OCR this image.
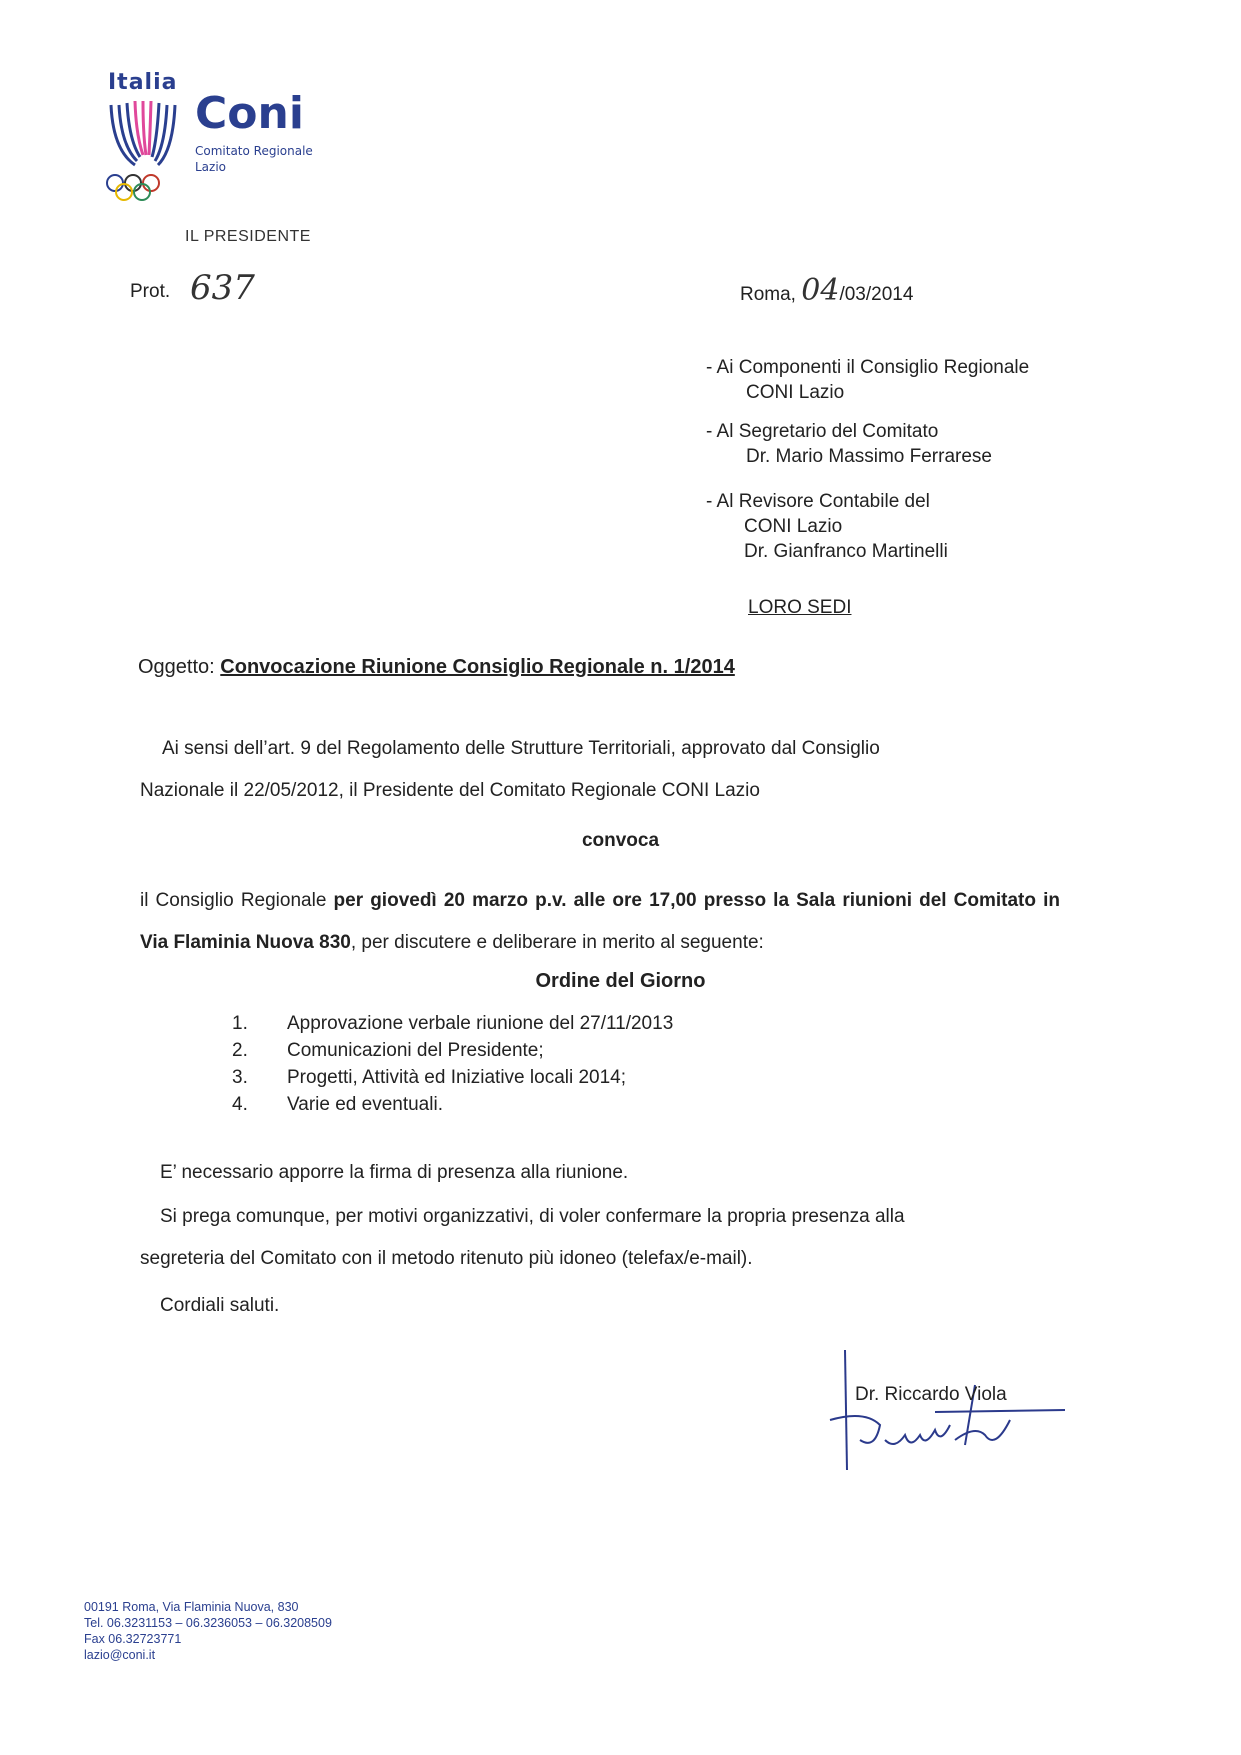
Italia
Coni
Comitato Regionale
Lazio
IL PRESIDENTE
Prot. 637	Roma, 04/03/2014
- Ai Componenti il Consiglio Regionale
CONI Lazio
- Al Segretario del Comitato
Dr. Mario Massimo Ferrarese
- Al Revisore Contabile del
CONI Lazio
Dr. Gianfranco Martinelli
LORO SEDI
Oggetto: Convocazione Riunione Consiglio Regionale n. 1/2014
Ai sensi dell’art. 9 del Regolamento delle Strutture Territoriali, approvato dal Consiglio
Nazionale il 22/05/2012, il Presidente del Comitato Regionale CONI Lazio
convoca
il Consiglio Regionale per giovedì 20 marzo p.v. alle ore 17,00 presso la Sala riunioni del Comitato in Via Flaminia Nuova 830, per discutere e deliberare in merito al seguente:
Ordine del Giorno
1. Approvazione verbale riunione del 27/11/2013
2. Comunicazioni del Presidente;
3. Progetti, Attività ed Iniziative locali 2014;
4. Varie ed eventuali.
E’ necessario apporre la firma di presenza alla riunione.
Si prega comunque, per motivi organizzativi, di voler confermare la propria presenza alla
segreteria del Comitato con il metodo ritenuto più idoneo (telefax/e-mail).
Cordiali saluti.
Dr. Riccardo Viola
00191 Roma, Via Flaminia Nuova, 830
Tel. 06.3231153 – 06.3236053 – 06.3208509
Fax 06.32723771
lazio@coni.it
